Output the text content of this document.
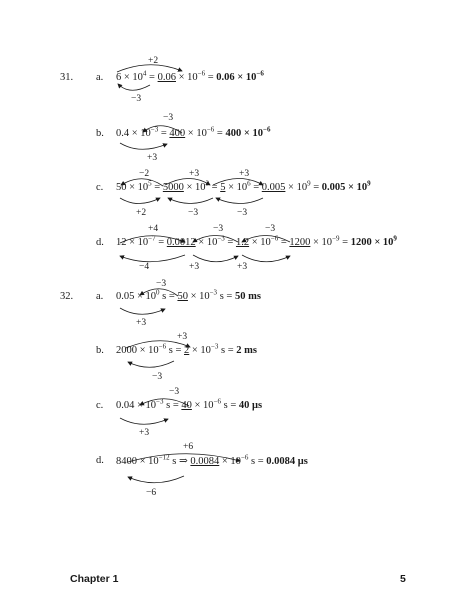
31. a. $6 \times 10^4 = 0.06 \times 10^{-6} = 0.06 \times 10^{-6}$
+2
−3
b. $0.4 \times 10^{-3} = 400 \times 10^{-6} = 400 \times 10^{-6}$
−3
+3
c. $50 \times 10^5 = 5000 \times 10^3 = 5 \times 10^6 = 0.005 \times 10^9 = 0.005 \times 10^9$
−2	+3	+3
+2	−3	−3
d. $12 \times 10^{-7} = 0.0012 \times 10^{-3} = 1.2 \times 10^{-6} = 1200 \times 10^{-9} = 1200 \times 10^9$
+4	−3	−3
−4	+3	+3
32. a. $0.05 \times 10^0$ $s = 50 \times 10^{-3}$ s = 50 ms
−3
+3
b. $2000 \times 10^{-6}$ $s = 2 \times 10^{-3}$ s = 2 ms
+3
−3
c. $0.04 \times 10^{-3}$ $s = 40 \times 10^{-6}$ s = 40 μs
−3
+3
d. $8400 \times 10^{-12}$ s ⇒ $0.0084 \times 10^{-6}$ s = 0.0084 μs
+6
−6
Chapter 1	5
